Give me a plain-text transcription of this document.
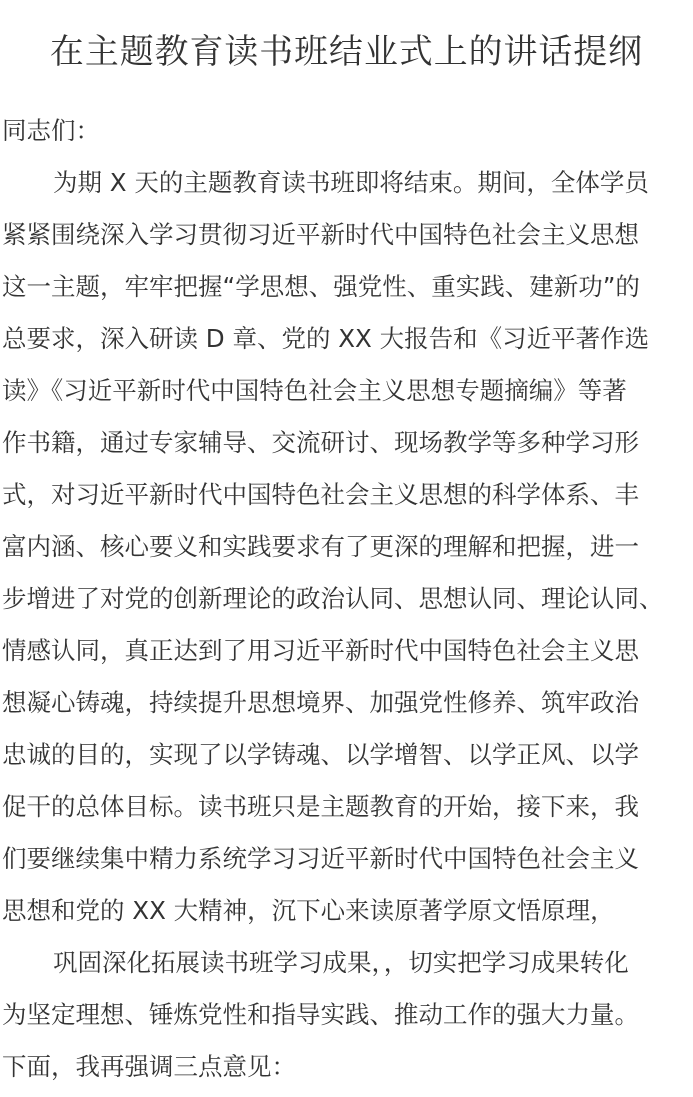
在主题教育读书班结业式上的讲话提纲
同志们：
为期 X 天的主题教育读书班即将结束。期间，全体学员
紧紧围绕深入学习贯彻习近平新时代中国特色社会主义思想
这一主题，牢牢把握“学思想、强党性、重实践、建新功”的
总要求，深入研读 D 章、党的 XX 大报告和《习近平著作选
读》《习近平新时代中国特色社会主义思想专题摘编》等著
作书籍，通过专家辅导、交流研讨、现场教学等多种学习形
式，对习近平新时代中国特色社会主义思想的科学体系、丰
富内涵、核心要义和实践要求有了更深的理解和把握，进一
步增进了对党的创新理论的政治认同、思想认同、理论认同、
情感认同，真正达到了用习近平新时代中国特色社会主义思
想凝心铸魂，持续提升思想境界、加强党性修养、筑牢政治
忠诚的目的，实现了以学铸魂、以学增智、以学正风、以学
促干的总体目标。读书班只是主题教育的开始，接下来，我
们要继续集中精力系统学习习近平新时代中国特色社会主义
思想和党的 XX 大精神，沉下心来读原著学原文悟原理，
巩固深化拓展读书班学习成果，，切实把学习成果转化
为坚定理想、锤炼党性和指导实践、推动工作的强大力量。
下面，我再强调三点意见：
